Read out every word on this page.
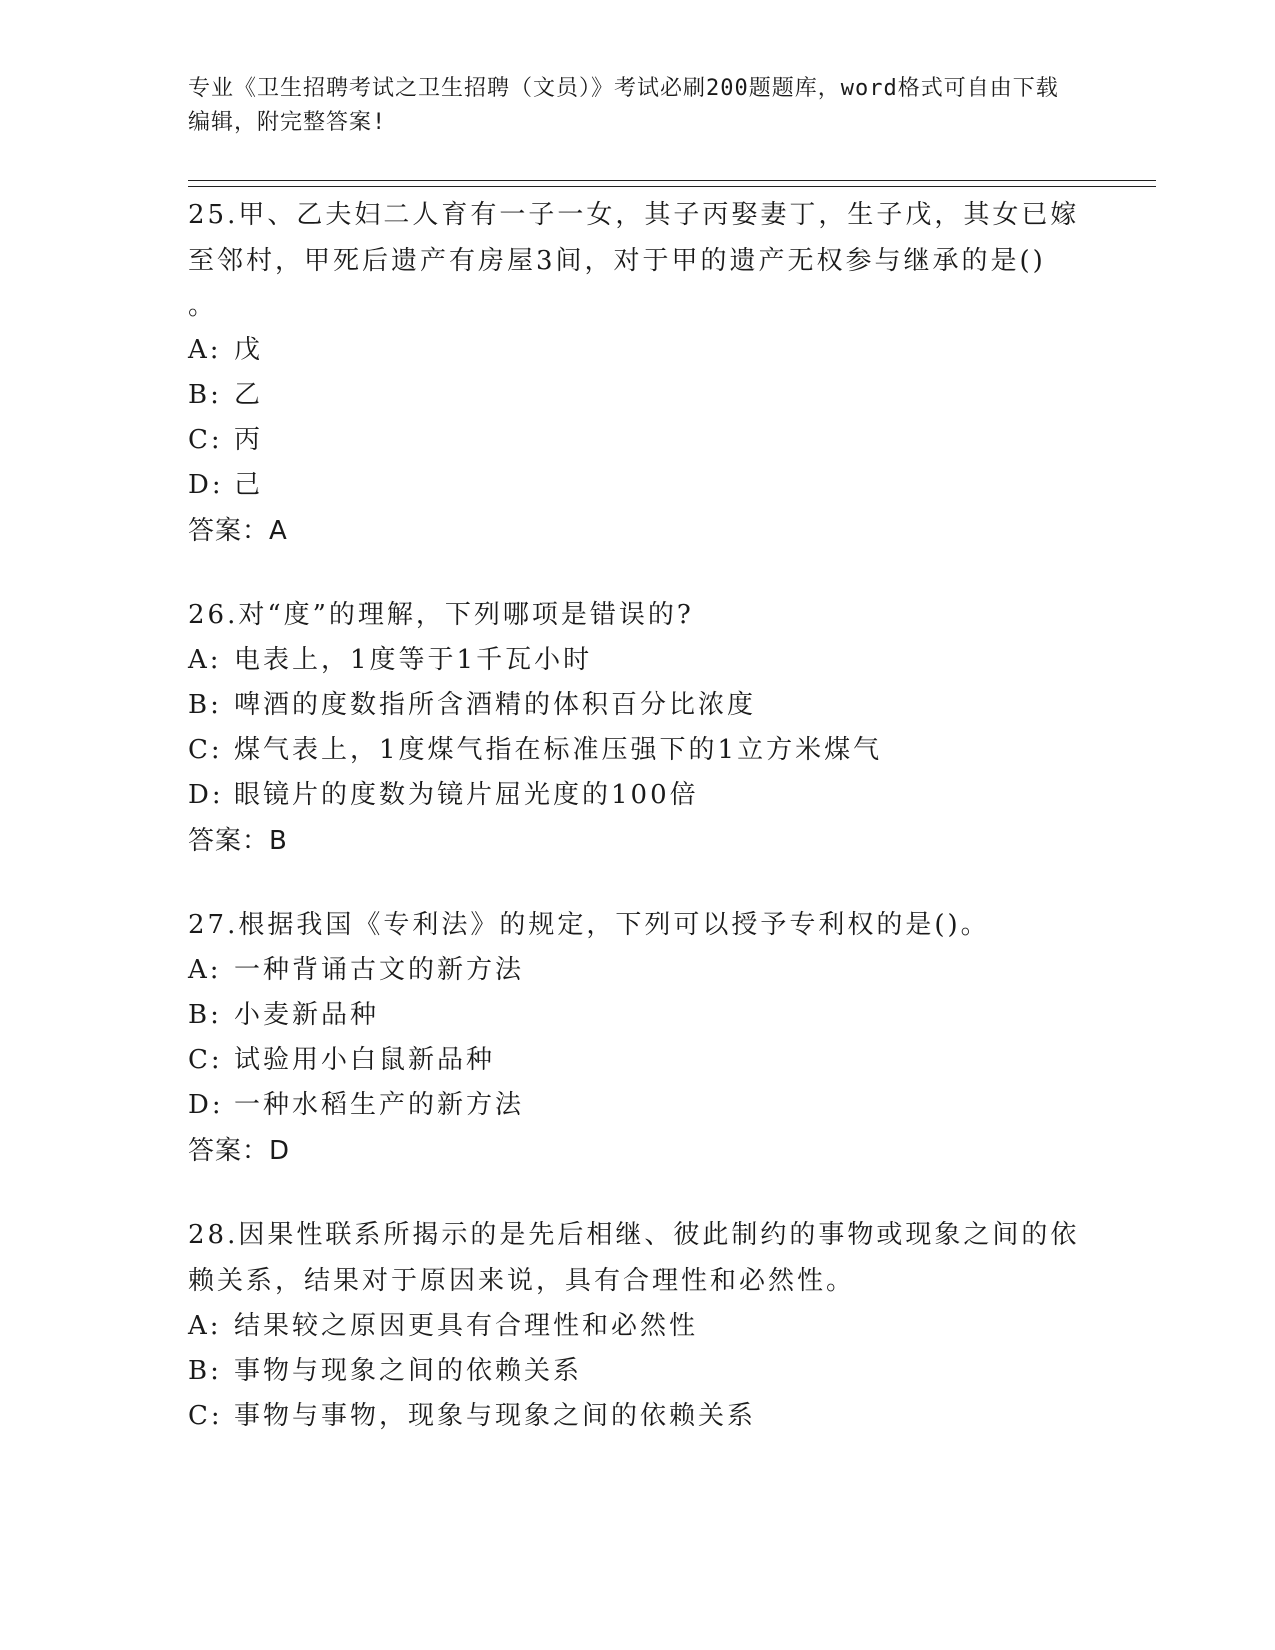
专业《卫生招聘考试之卫生招聘（文员）》考试必刷200题题库，word格式可自由下载编辑，附完整答案!

25.甲、乙夫妇二人育有一子一女，其子丙娶妻丁，生子戊，其女已嫁至邻村，甲死后遗产有房屋3间，对于甲的遗产无权参与继承的是()

。

A: 戊
B: 乙
C: 丙
D: 己

答案：A

26.对“度”的理解，下列哪项是错误的?

A: 电表上，1度等于1千瓦小时
B: 啤酒的度数指所含酒精的体积百分比浓度
C: 煤气表上，1度煤气指在标准压强下的1立方米煤气
D: 眼镜片的度数为镜片屈光度的100倍

答案：B

27.根据我国《专利法》的规定，下列可以授予专利权的是()。

A: 一种背诵古文的新方法
B: 小麦新品种
C: 试验用小白鼠新品种
D: 一种水稻生产的新方法

答案：D

28.因果性联系所揭示的是先后相继、彼此制约的事物或现象之间的依赖关系，结果对于原因来说，具有合理性和必然性。

A: 结果较之原因更具有合理性和必然性
B: 事物与现象之间的依赖关系
C: 事物与事物，现象与现象之间的依赖关系
